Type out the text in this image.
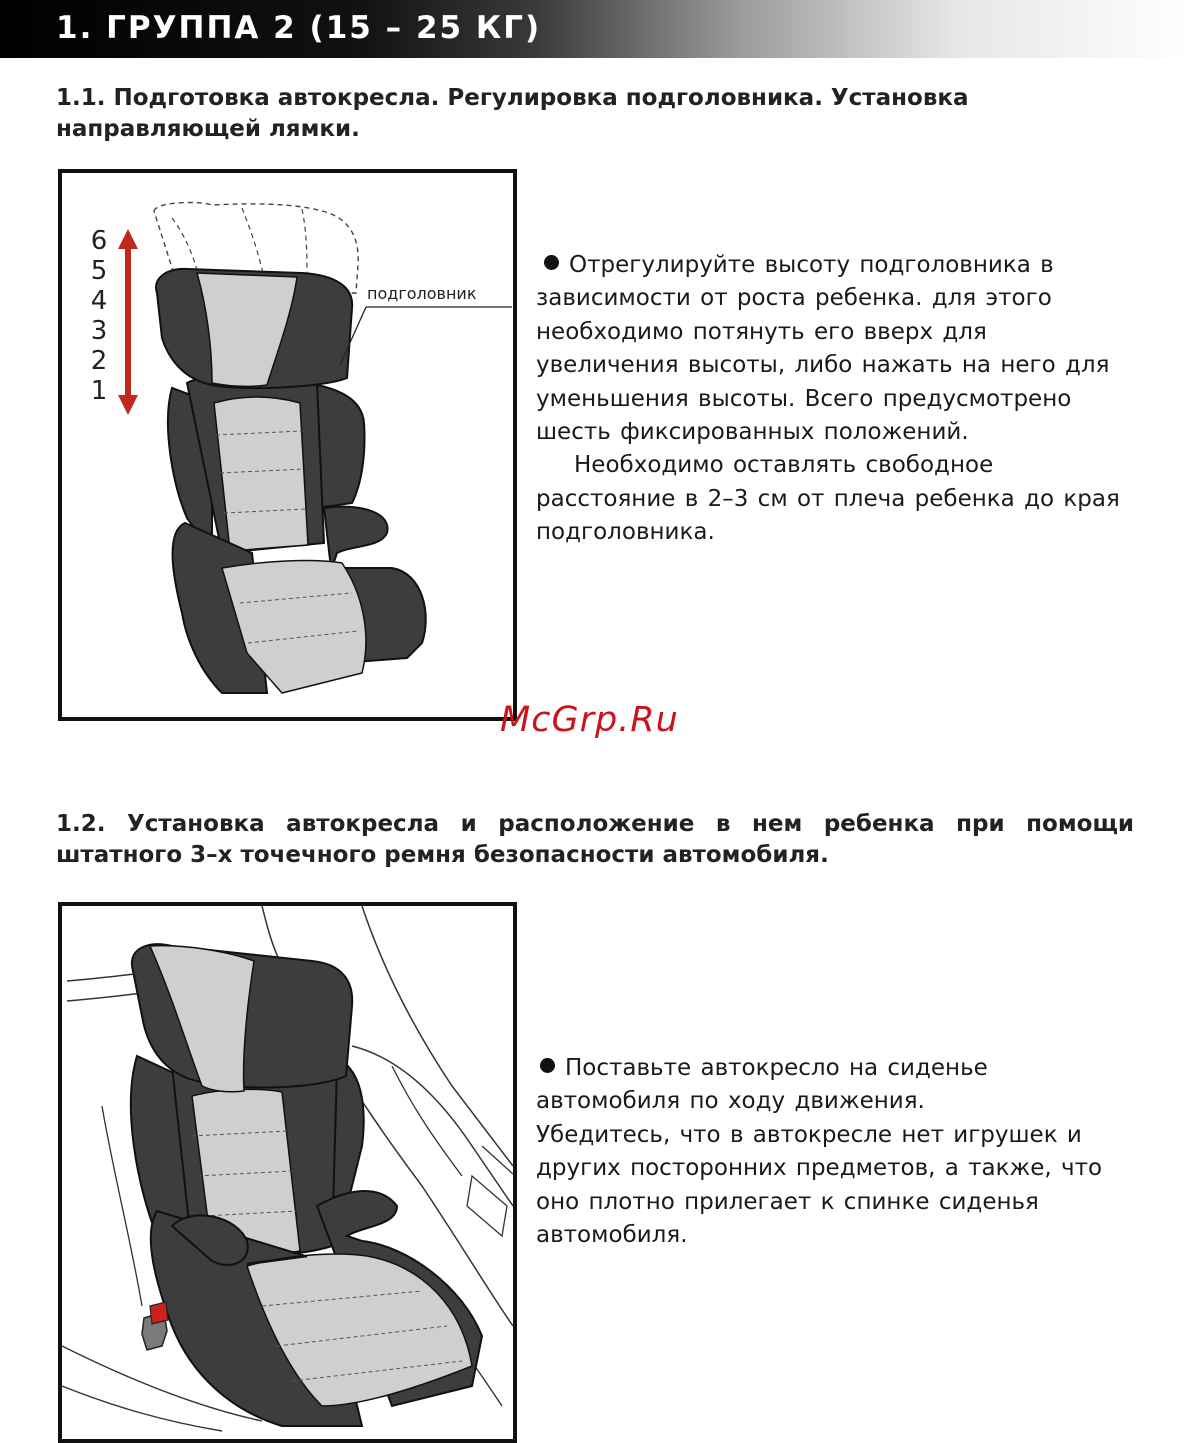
1. ГРУППА 2 (15 – 25 КГ)
1.1. Подготовка автокресла. Регулировка подголовника. Установка направляющей лямки.
6
5
4
3
2
1
подголовник

Отрегулируйте высоту подголовника в зависимости от роста ребенка. для этого необходимо потянуть его вверх для увеличения высоты, либо нажать на него для уменьшения высоты. Всего предусмотрено шесть фиксированных положений.

Необходимо оставлять свободное расстояние в 2–3 см от плеча ребенка до края подголовника.

McGrp.Ru
1.2. Установка автокресла и расположение в нем ребенка при помощи штатного 3–х точечного ремня безопасности автомобиля.

Поставьте автокресло на сиденье автомобиля по ходу движения.

Убедитесь, что в автокресле нет игрушек и других посторонних предметов, а также, что оно плотно прилегает к спинке сиденья автомобиля.
